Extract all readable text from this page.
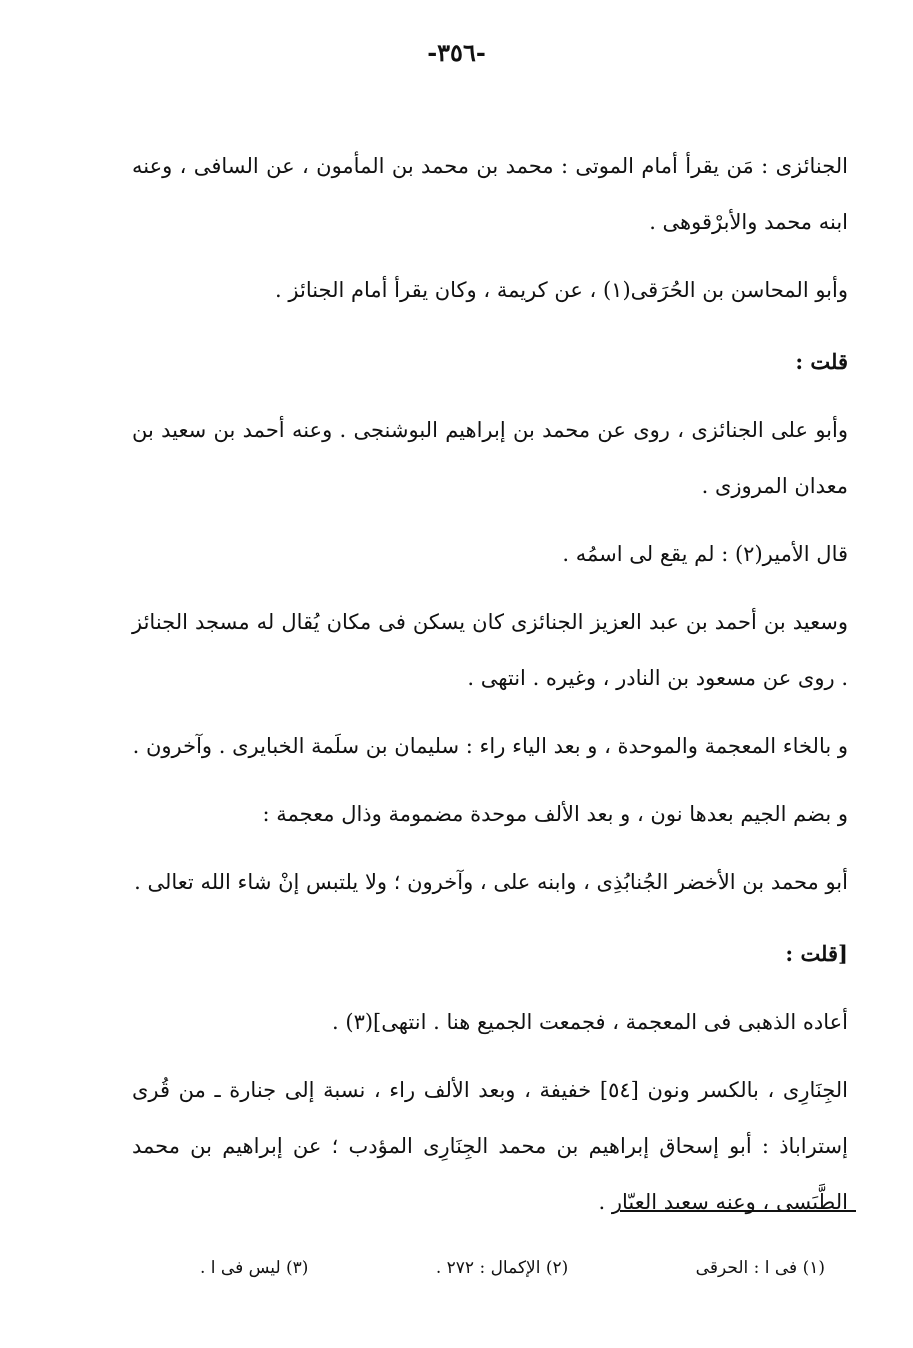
-٣٥٦-

الجنائزى : مَن يقرأ أمام الموتى : محمد بن محمد بن المأمون ، عن السافى ، وعنه ابنه محمد والأبرْقوهى .

وأبو المحاسن بن الحُرَقى(١) ، عن كريمة ، وكان يقرأ أمام الجنائز .

قلت :

وأبو على الجنائزى ، روى عن محمد بن إبراهيم البوشنجى . وعنه أحمد بن سعيد بن معدان المروزى .

قال الأمير(٢) : لم يقع لى اسمُه .

وسعيد بن أحمد بن عبد العزيز الجنائزى كان يسكن فى مكان يُقال له مسجد الجنائز . روى عن مسعود بن النادر ، وغيره . انتهى .

و بالخاء المعجمة والموحدة ، و بعد الياء راء : سليمان بن سلَمة الخبايرى . وآخرون .

و بضم الجيم بعدها نون ، و بعد الألف موحدة مضمومة وذال معجمة :

أبو محمد بن الأخضر الجُنابُذِى ، وابنه على ، وآخرون ؛ ولا يلتبس إنْ شاء الله تعالى .

[قلت :

أعاده الذهبى فى المعجمة ، فجمعت الجميع هنا . انتهى](٣) .

الجِنَارِى ، بالكسر ونون [٥٤] خفيفة ، وبعد الألف راء ، نسبة إلى جنارة ـ من قُرى إستراباذ : أبو إسحاق إبراهيم بن محمد الجِنَارِى المؤدب ؛ عن إبراهيم بن محمد الطَّبَسى ، وعنه سعيد العيّار .

(١) فى ا : الحرقى
(٢) الإكمال : ٢٧٢ .
(٣) ليس فى ا .
